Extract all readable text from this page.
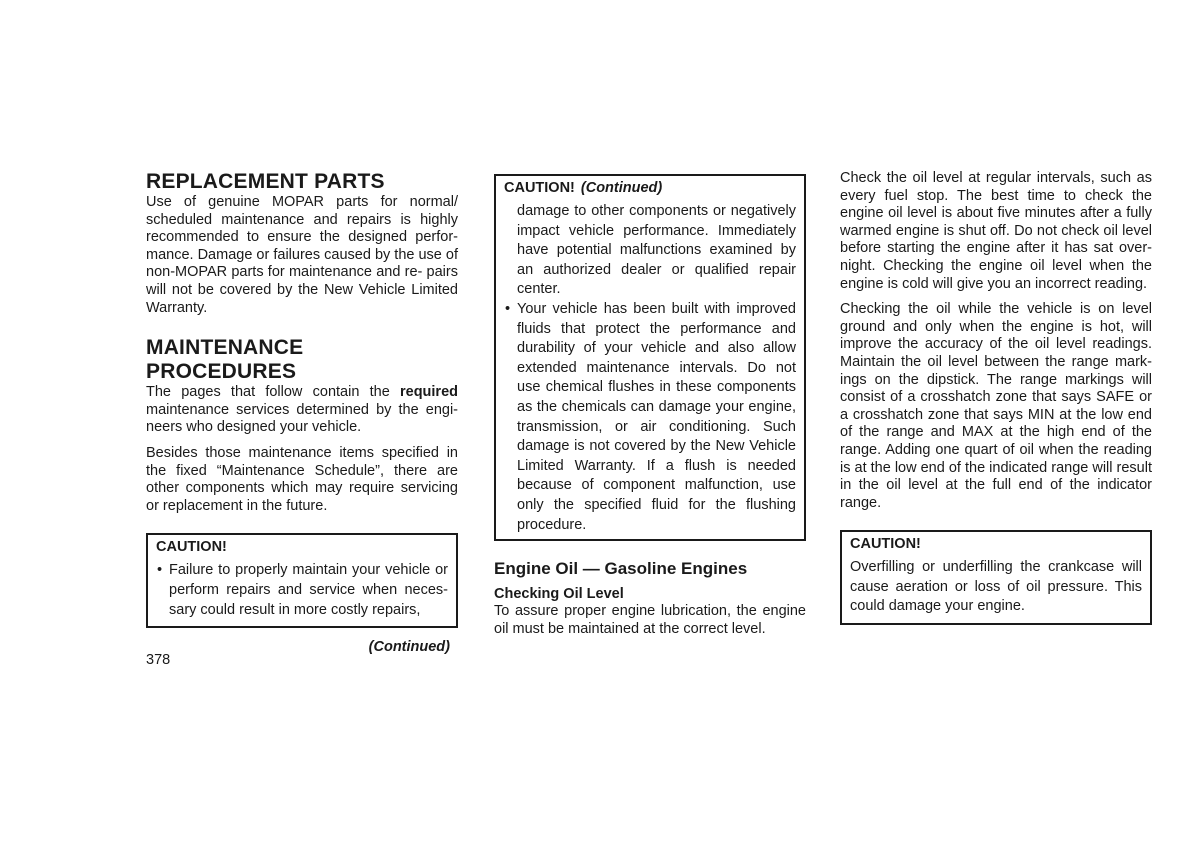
REPLACEMENT PARTS

Use of genuine MOPAR parts for normal/ scheduled maintenance and repairs is highly recommended to ensure the designed perfor- mance. Damage or failures caused by the use of non-MOPAR parts for maintenance and re- pairs will not be covered by the New Vehicle Limited Warranty.

MAINTENANCE PROCEDURES

The pages that follow contain the required maintenance services determined by the engi- neers who designed your vehicle.

Besides those maintenance items specified in the fixed “Maintenance Schedule”, there are other components which may require servicing or replacement in the future.

CAUTION!
• Failure to properly maintain your vehicle or perform repairs and service when neces- sary could result in more costly repairs,
(Continued)
CAUTION! (Continued)
damage to other components or negatively impact vehicle performance. Immediately have potential malfunctions examined by an authorized dealer or qualified repair center.
• Your vehicle has been built with improved fluids that protect the performance and durability of your vehicle and also allow extended maintenance intervals. Do not use chemical flushes in these components as the chemicals can damage your engine, transmission, or air conditioning. Such damage is not covered by the New Vehicle Limited Warranty. If a flush is needed because of component malfunction, use only the specified fluid for the flushing procedure.
Engine Oil — Gasoline Engines
Checking Oil Level

To assure proper engine lubrication, the engine oil must be maintained at the correct level.

Check the oil level at regular intervals, such as every fuel stop. The best time to check the engine oil level is about five minutes after a fully warmed engine is shut off. Do not check oil level before starting the engine after it has sat over- night. Checking the engine oil level when the engine is cold will give you an incorrect reading.

Checking the oil while the vehicle is on level ground and only when the engine is hot, will improve the accuracy of the oil level readings. Maintain the oil level between the range mark- ings on the dipstick. The range markings will consist of a crosshatch zone that says SAFE or a crosshatch zone that says MIN at the low end of the range and MAX at the high end of the range. Adding one quart of oil when the reading is at the low end of the indicated range will result in the oil level at the full end of the indicator range.

CAUTION!

Overfilling or underfilling the crankcase will cause aeration or loss of oil pressure. This could damage your engine.

378
